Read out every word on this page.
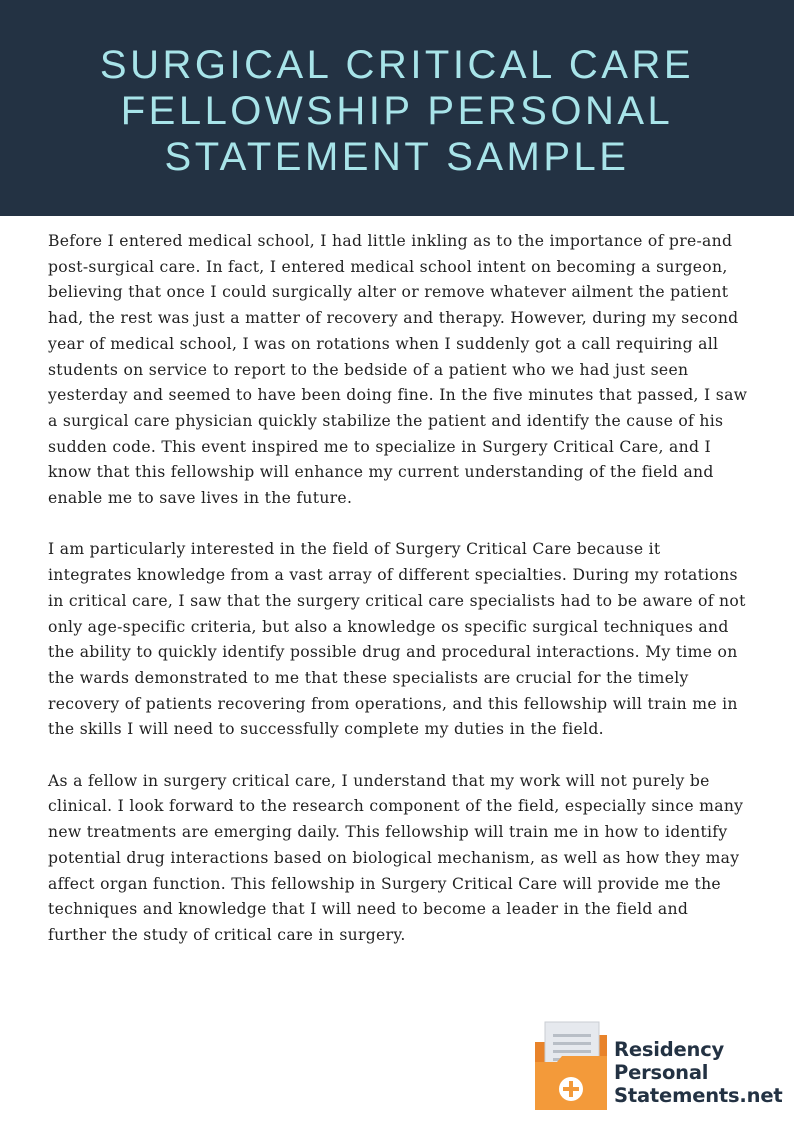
SURGICAL CRITICAL CARE FELLOWSHIP PERSONAL STATEMENT SAMPLE

Before I entered medical school, I had little inkling as to the importance of pre-and post-surgical care. In fact, I entered medical school intent on becoming a surgeon, believing that once I could surgically alter or remove whatever ailment the patient had, the rest was just a matter of recovery and therapy. However, during my second year of medical school, I was on rotations when I suddenly got a call requiring all students on service to report to the bedside of a patient who we had just seen yesterday and seemed to have been doing fine. In the five minutes that passed, I saw a surgical care physician quickly stabilize the patient and identify the cause of his sudden code. This event inspired me to specialize in Surgery Critical Care, and I know that this fellowship will enhance my current understanding of the field and enable me to save lives in the future.

I am particularly interested in the field of Surgery Critical Care because it integrates knowledge from a vast array of different specialties. During my rotations in critical care, I saw that the surgery critical care specialists had to be aware of not only age-specific criteria, but also a knowledge os specific surgical techniques and the ability to quickly identify possible drug and procedural interactions. My time on the wards demonstrated to me that these specialists are crucial for the timely recovery of patients recovering from operations, and this fellowship will train me in the skills I will need to successfully complete my duties in the field.

As a fellow in surgery critical care, I understand that my work will not purely be clinical. I look forward to the research component of the field, especially since many new treatments are emerging daily. This fellowship will train me in how to identify potential drug interactions based on biological mechanism, as well as how they may affect organ function. This fellowship in Surgery Critical Care will provide me the techniques and knowledge that I will need to become a leader in the field and further the study of critical care in surgery.

Residency
Personal
Statements.net
